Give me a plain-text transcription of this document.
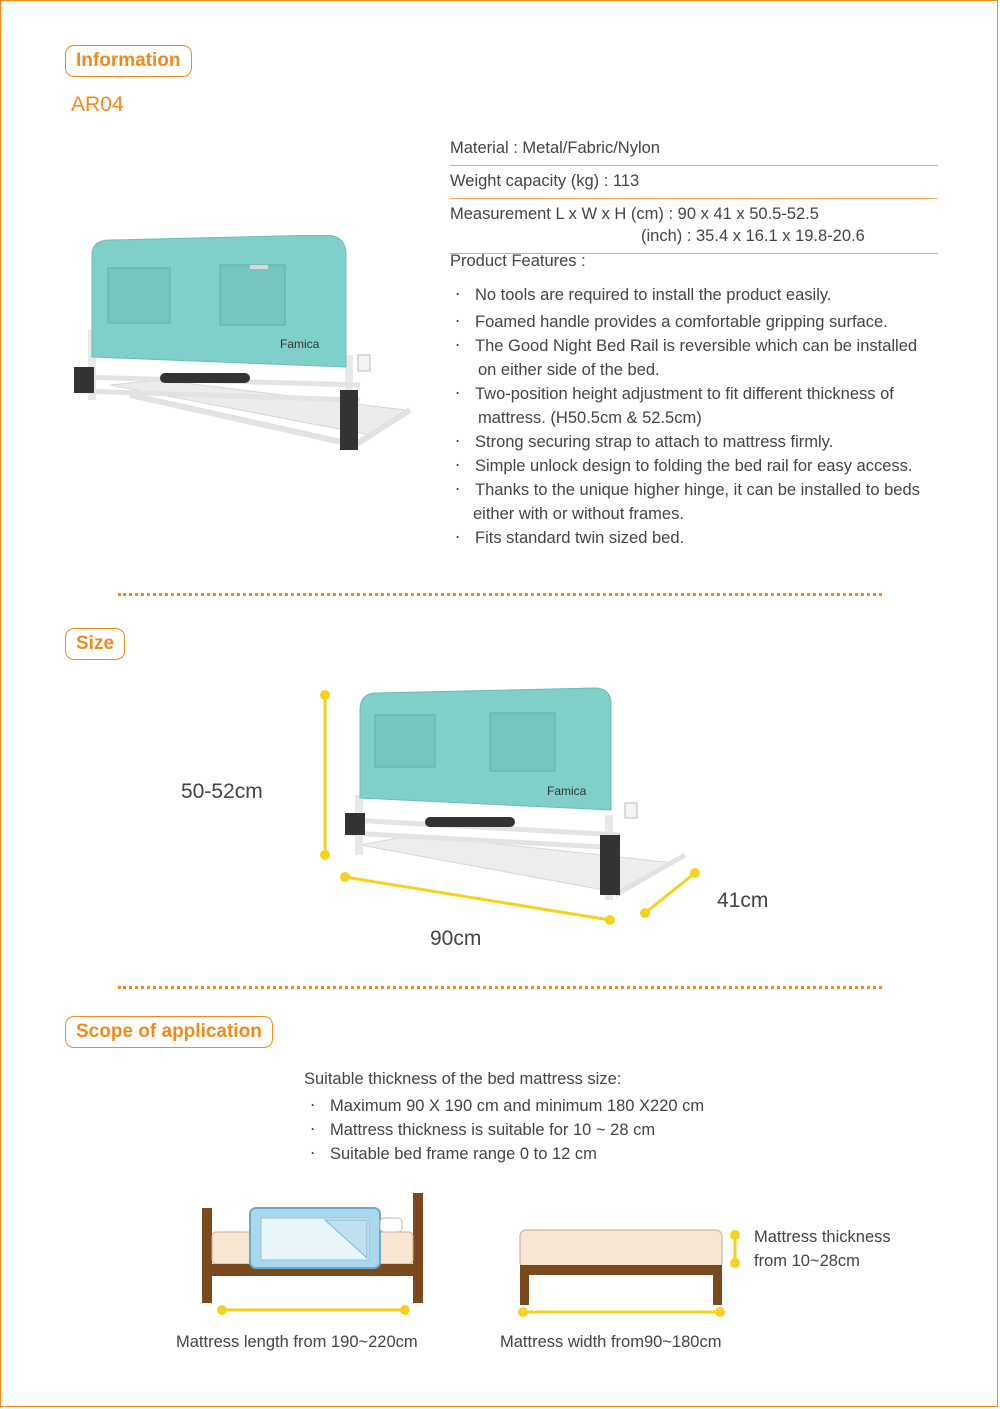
Information
AR04
Famica
Material : Metal/Fabric/Nylon
Weight capacity (kg) : 113
Measurement L x W x H (cm) : 90 x 41 x 50.5-52.5
(inch) : 35.4 x 16.1 x 19.8-20.6
Product Features :
‧ No tools are required to install the product easily.
‧ Foamed handle provides a comfortable gripping surface.
‧ The Good Night Bed Rail is reversible which can be installed
on either side of the bed.
‧ Two-position height adjustment to fit different thickness of
mattress. (H50.5cm & 52.5cm)
‧ Strong securing strap to attach to mattress firmly.
‧ Simple unlock design to folding the bed rail for easy access.
‧ Thanks to the unique higher hinge, it can be installed to beds
either with or without frames.
‧ Fits standard twin sized bed.
Size
Famica
50-52cm
90cm
41cm
Scope of application
Suitable thickness of the bed mattress size:
‧ Maximum 90 X 190 cm and minimum 180 X220 cm
‧ Mattress thickness is suitable for 10 ~ 28 cm
‧ Suitable bed frame range 0 to 12 cm
Mattress length from 190~220cm
Mattress thickness
from 10~28cm
Mattress width from90~180cm
